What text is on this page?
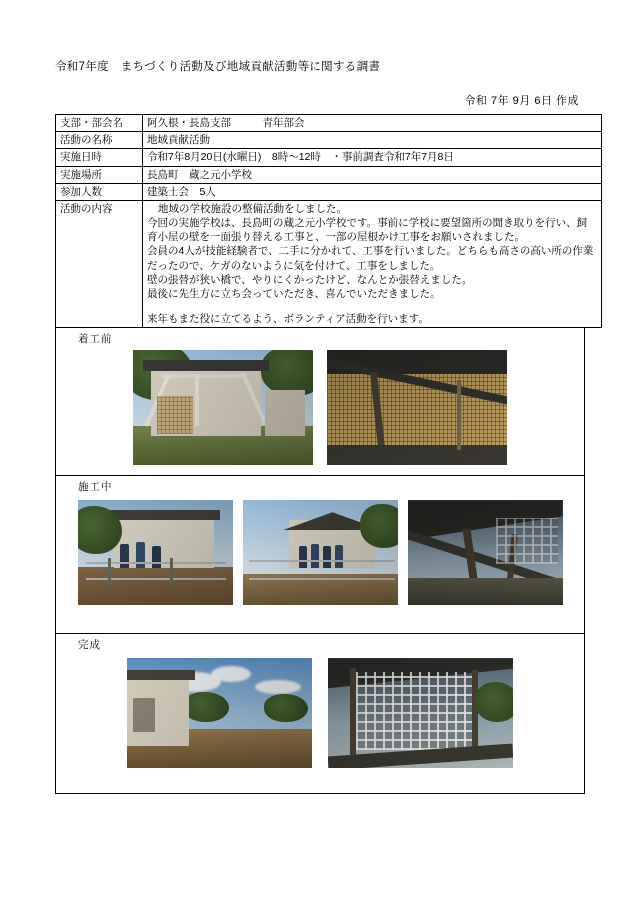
令和7年度　まちづくり活動及び地域貢献活動等に関する調書
令和 7年 9月 6日 作成
支部・部会名	阿久根・長島支部　　　青年部会
活動の名称	地域貢献活動
実施日時	令和7年8月20日(水曜日)　8時～12時　・事前調査令和7年7月8日
実施場所	長島町　蔵之元小学校
参加人数	建築士会　5人
活動の内容	地域の学校施設の整備活動をしました。

今回の実施学校は、長島町の蔵之元小学校です。事前に学校に要望箇所の聞き取りを行い、飼育小屋の壁を一面張り替える工事と、一部の屋根かけ工事をお願いされました。

会員の4人が技能経験者で、二手に分かれて、工事を行いました。どちらも高さの高い所の作業だったので、ケガのないように気を付けて、工事をしました。

壁の張替が狭い橋で、やりにくかったけど、なんとか張替えました。

最後に先生方に立ち会っていただき、喜んでいただきました。

来年もまた役に立てるよう、ボランティア活動を行います。

着工前
施工中
完成
